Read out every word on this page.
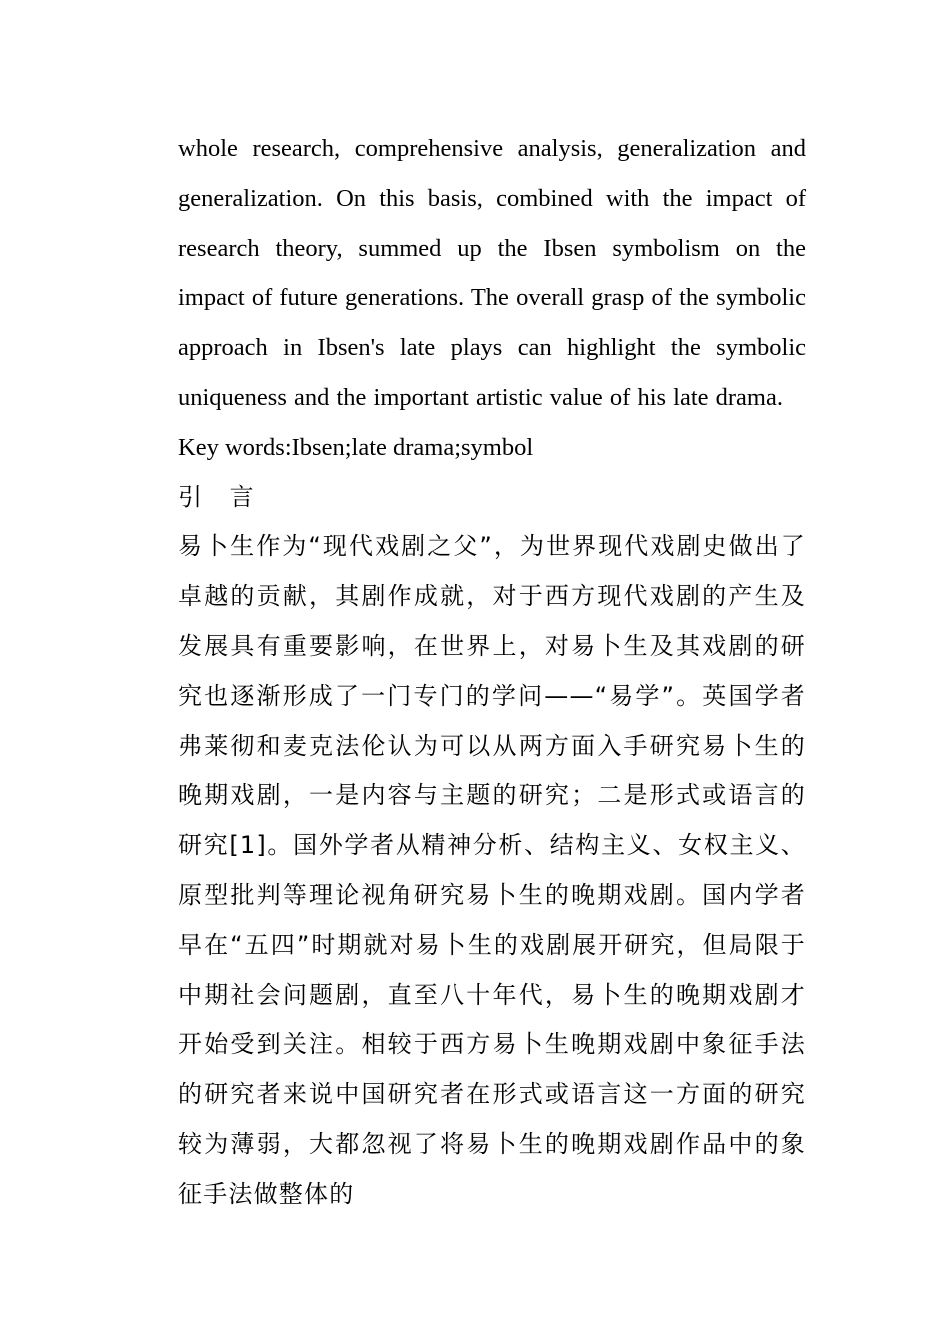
whole research, comprehensive analysis, generalization and generalization. On this basis, combined with the impact of research theory, summed up the Ibsen symbolism on the impact of future generations. The overall grasp of the symbolic approach in Ibsen's late plays can highlight the symbolic uniqueness and the important artistic value of his late drama.

Key words:Ibsen;late drama;symbol

引 言

易卜生作为“现代戏剧之父”，为世界现代戏剧史做出了卓越的贡献，其剧作成就，对于西方现代戏剧的产生及发展具有重要影响，在世界上，对易卜生及其戏剧的研究也逐渐形成了一门专门的学问——“易学”。英国学者弗莱彻和麦克法伦认为可以从两方面入手研究易卜生的晚期戏剧，一是内容与主题的研究；二是形式或语言的研究[1]。国外学者从精神分析、结构主义、女权主义、原型批判等理论视角研究易卜生的晚期戏剧。国内学者早在“五四”时期就对易卜生的戏剧展开研究，但局限于中期社会问题剧，直至八十年代，易卜生的晚期戏剧才开始受到关注。相较于西方易卜生晚期戏剧中象征手法的研究者来说中国研究者在形式或语言这一方面的研究较为薄弱，大都忽视了将易卜生的晚期戏剧作品中的象征手法做整体的
